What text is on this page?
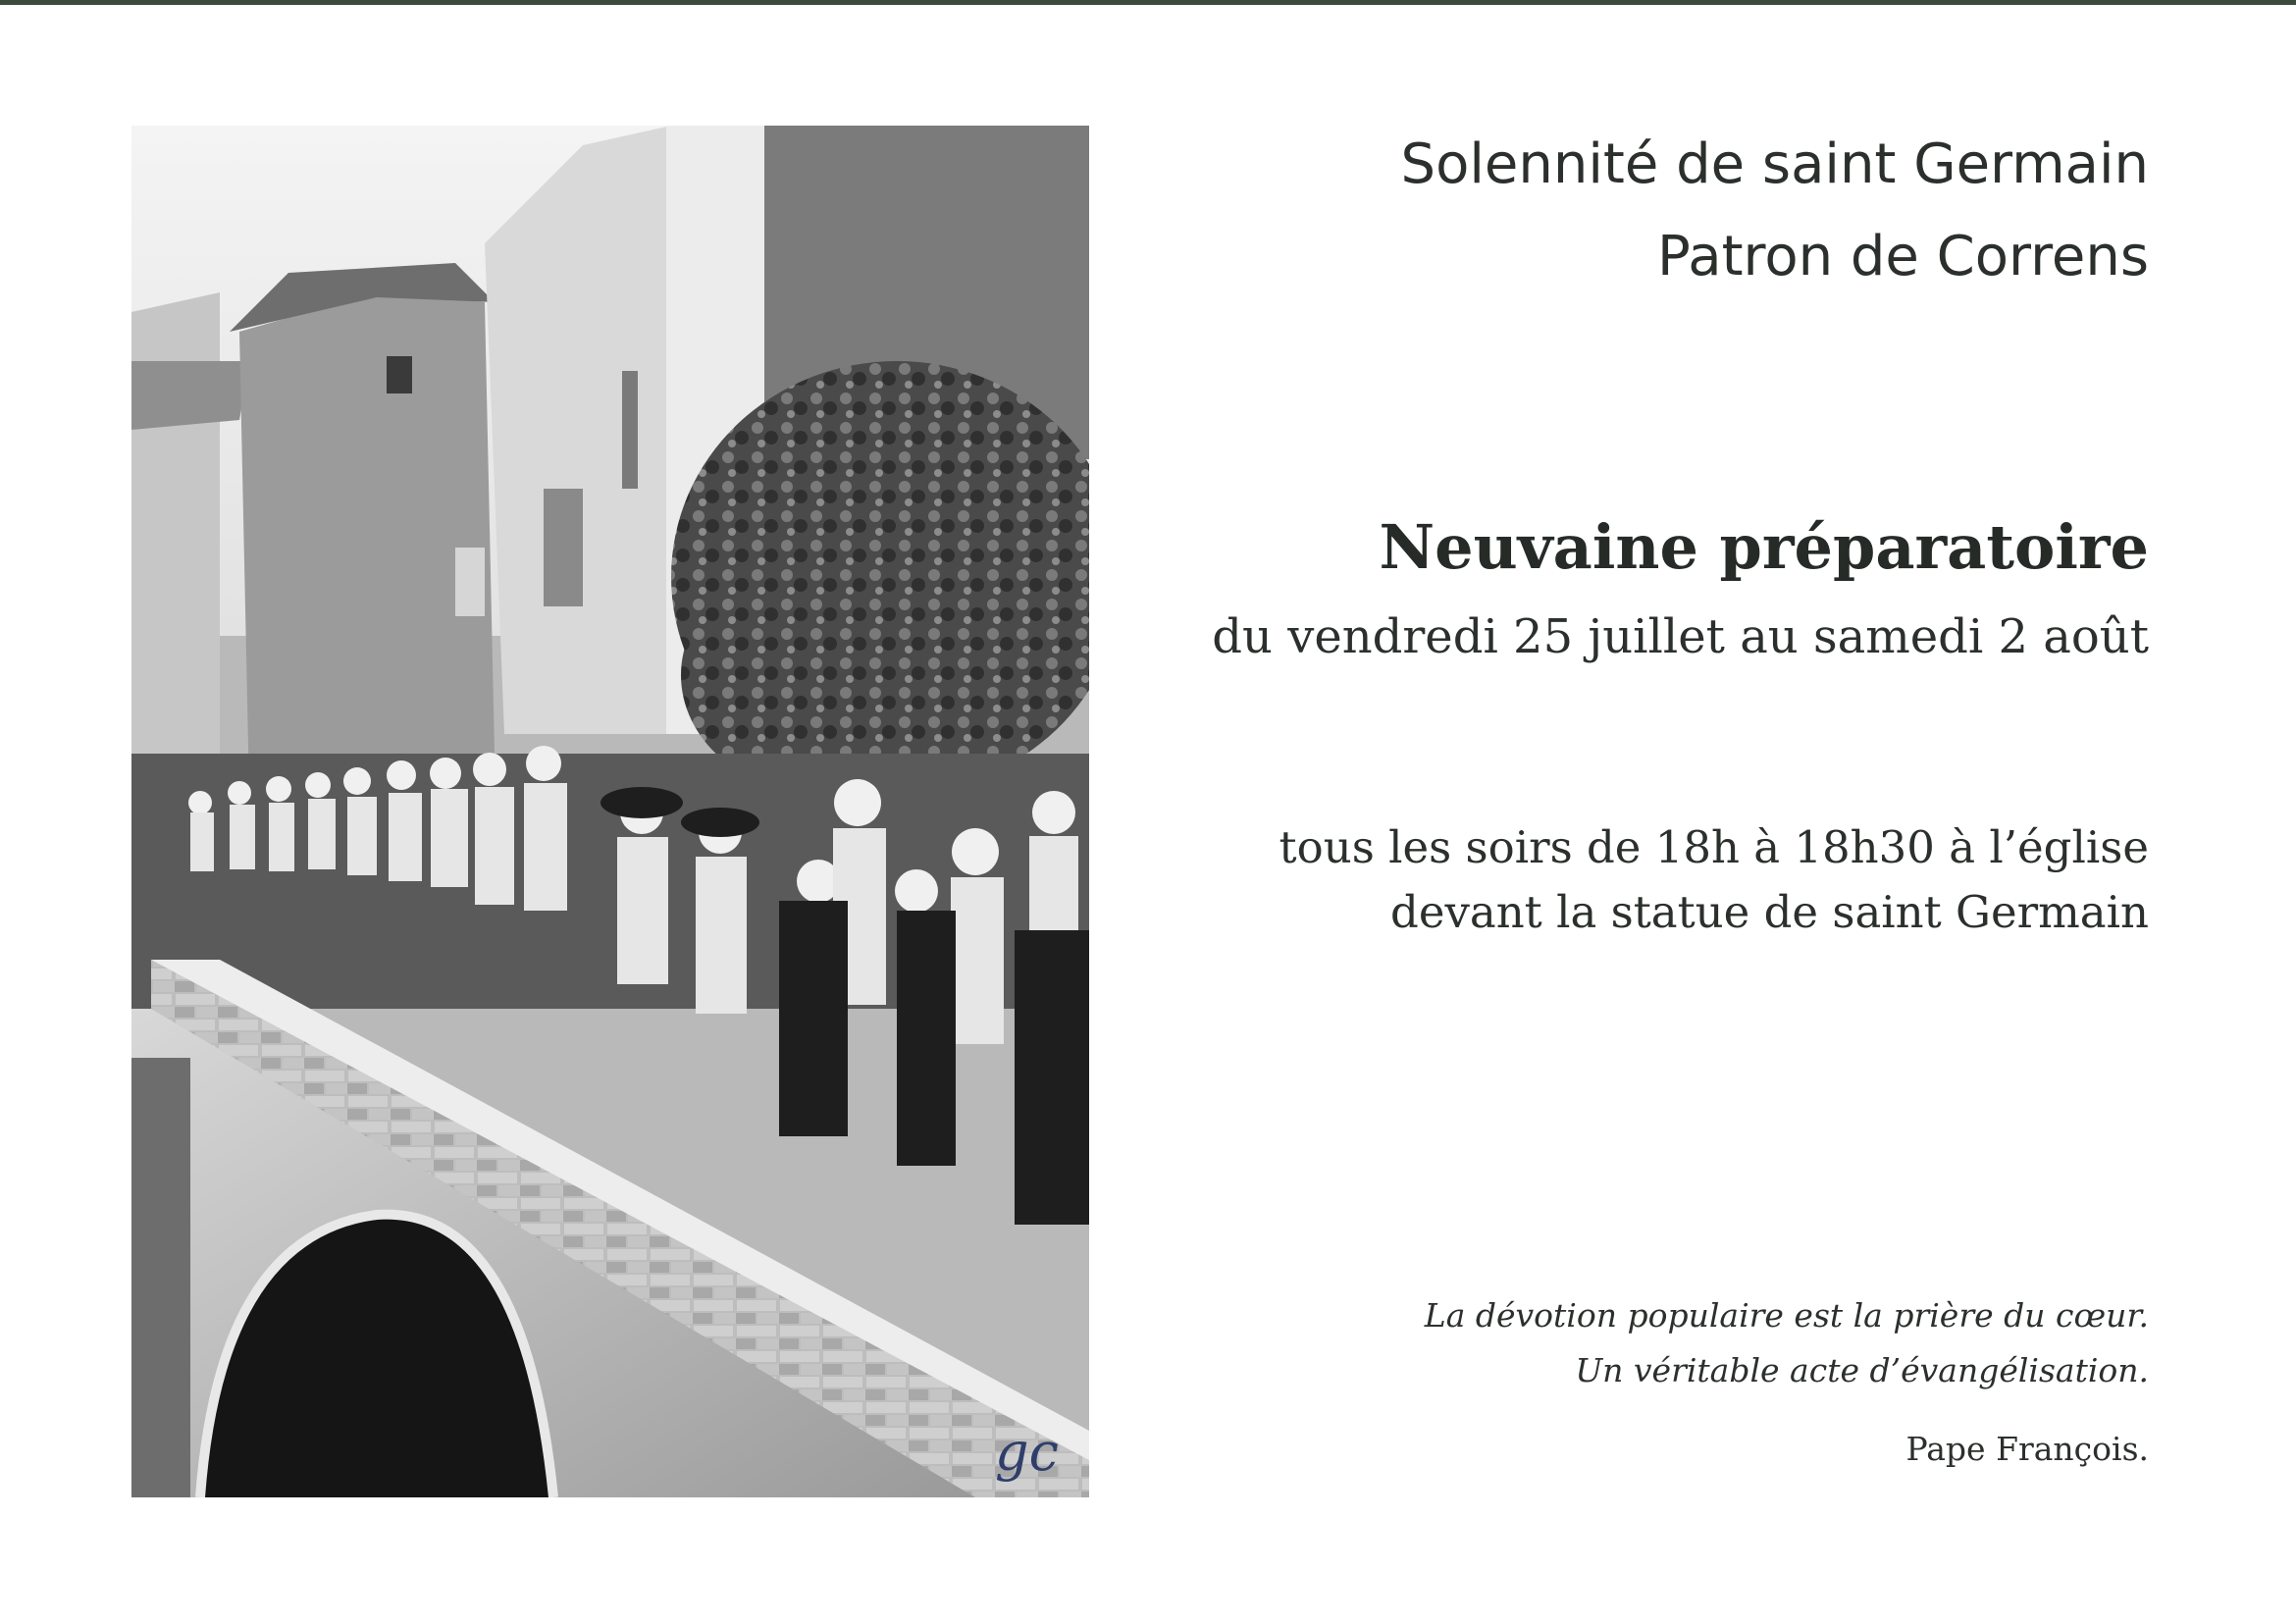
gc
Solennité de saint Germain
Patron de Correns
Neuvaine préparatoire
du vendredi 25 juillet au samedi 2 août
tous les soirs de 18h à 18h30 à l’église
devant la statue de saint Germain
La dévotion populaire est la prière du cœur.
Un véritable acte d’évangélisation.
Pape François.
